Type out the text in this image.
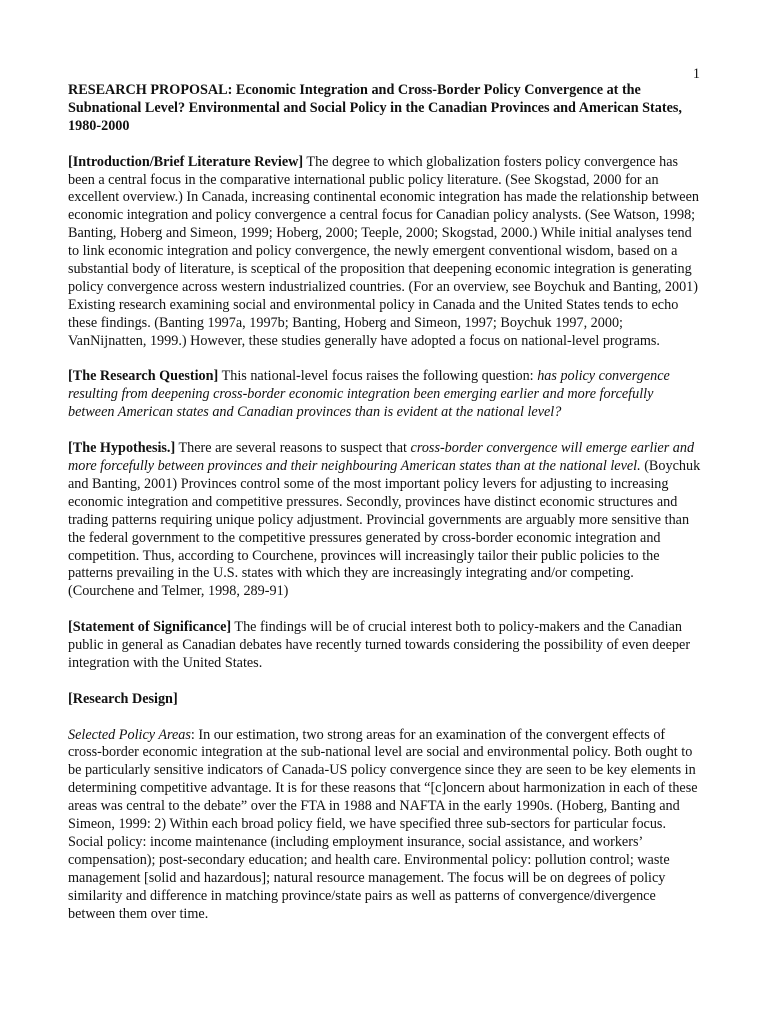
1
RESEARCH PROPOSAL: Economic Integration and Cross-Border Policy Convergence at the Subnational Level? Environmental and Social Policy in the Canadian Provinces and American States, 1980-2000

[Introduction/Brief Literature Review] The degree to which globalization fosters policy convergence has been a central focus in the comparative international public policy literature. (See Skogstad, 2000 for an excellent overview.) In Canada, increasing continental economic integration has made the relationship between economic integration and policy convergence a central focus for Canadian policy analysts. (See Watson, 1998; Banting, Hoberg and Simeon, 1999; Hoberg, 2000; Teeple, 2000; Skogstad, 2000.) While initial analyses tend to link economic integration and policy convergence, the newly emergent conventional wisdom, based on a substantial body of literature, is sceptical of the proposition that deepening economic integration is generating policy convergence across western industrialized countries. (For an overview, see Boychuk and Banting, 2001) Existing research examining social and environmental policy in Canada and the United States tends to echo these findings. (Banting 1997a, 1997b; Banting, Hoberg and Simeon, 1997; Boychuk 1997, 2000; VanNijnatten, 1999.) However, these studies generally have adopted a focus on national-level programs.

[The Research Question] This national-level focus raises the following question: has policy convergence resulting from deepening cross-border economic integration been emerging earlier and more forcefully between American states and Canadian provinces than is evident at the national level?

[The Hypothesis.] There are several reasons to suspect that cross-border convergence will emerge earlier and more forcefully between provinces and their neighbouring American states than at the national level. (Boychuk and Banting, 2001) Provinces control some of the most important policy levers for adjusting to increasing economic integration and competitive pressures. Secondly, provinces have distinct economic structures and trading patterns requiring unique policy adjustment. Provincial governments are arguably more sensitive than the federal government to the competitive pressures generated by cross-border economic integration and competition. Thus, according to Courchene, provinces will increasingly tailor their public policies to the patterns prevailing in the U.S. states with which they are increasingly integrating and/or competing. (Courchene and Telmer, 1998, 289-91)

[Statement of Significance] The findings will be of crucial interest both to policy-makers and the Canadian public in general as Canadian debates have recently turned towards considering the possibility of even deeper integration with the United States.

[Research Design]

Selected Policy Areas: In our estimation, two strong areas for an examination of the convergent effects of cross-border economic integration at the sub-national level are social and environmental policy. Both ought to be particularly sensitive indicators of Canada-US policy convergence since they are seen to be key elements in determining competitive advantage. It is for these reasons that “[c]oncern about harmonization in each of these areas was central to the debate” over the FTA in 1988 and NAFTA in the early 1990s. (Hoberg, Banting and Simeon, 1999: 2) Within each broad policy field, we have specified three sub-sectors for particular focus. Social policy: income maintenance (including employment insurance, social assistance, and workers’ compensation); post-secondary education; and health care. Environmental policy: pollution control; waste management [solid and hazardous]; natural resource management. The focus will be on degrees of policy similarity and difference in matching province/state pairs as well as patterns of convergence/divergence between them over time.
